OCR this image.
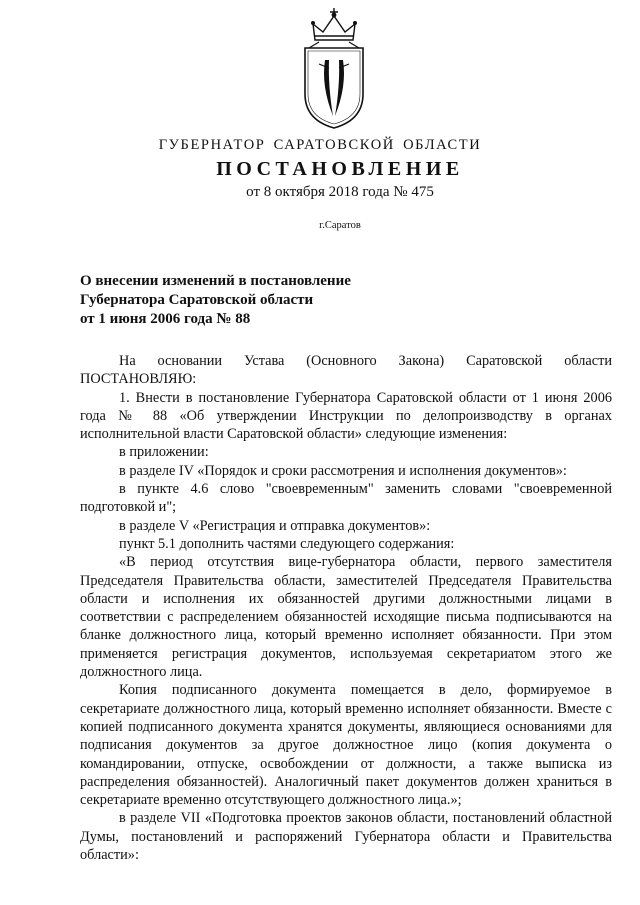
ГУБЕРНАТОР САРАТОВСКОЙ ОБЛАСТИ
ПОСТАНОВЛЕНИЕ
от 8 октября 2018 года № 475
г.Саратов
О внесении изменений в постановление
Губернатора Саратовской области
от 1 июня 2006 года № 88

На основании Устава (Основного Закона) Саратовской области ПОСТАНОВЛЯЮ:

1. Внести в постановление Губернатора Саратовской области от 1 июня 2006 года № 88 «Об утверждении Инструкции по делопроизводству в органах исполнительной власти Саратовской области» следующие изменения:

в приложении:

в разделе IV «Порядок и сроки рассмотрения и исполнения документов»:

в пункте 4.6 слово "своевременным" заменить словами "своевременной подготовкой и";

в разделе V «Регистрация и отправка документов»:

пункт 5.1 дополнить частями следующего содержания:

«В период отсутствия вице-губернатора области, первого заместителя Председателя Правительства области, заместителей Председателя Правительства области и исполнения их обязанностей другими должностными лицами в соответствии с распределением обязанностей исходящие письма подписываются на бланке должностного лица, который временно исполняет обязанности. При этом применяется регистрация документов, используемая секретариатом этого же должностного лица.

Копия подписанного документа помещается в дело, формируемое в секретариате должностного лица, который временно исполняет обязанности. Вместе с копией подписанного документа хранятся документы, являющиеся основаниями для подписания документов за другое должностное лицо (копия документа о командировании, отпуске, освобождении от должности, а также выписка из распределения обязанностей). Аналогичный пакет документов должен храниться в секретариате временно отсутствующего должностного лица.»;

в разделе VII «Подготовка проектов законов области, постановлений областной Думы, постановлений и распоряжений Губернатора области и Правительства области»:
